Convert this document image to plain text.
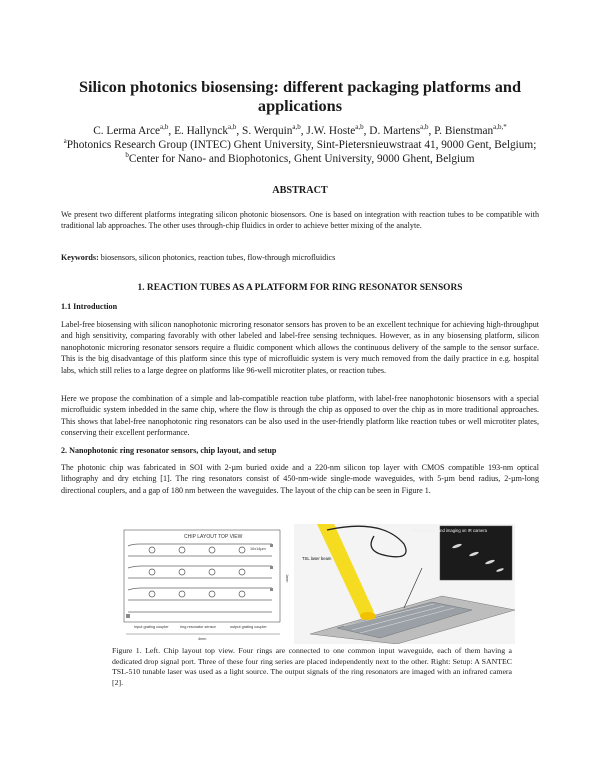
Silicon photonics biosensing: different packaging platforms and applications

C. Lerma Arce$^{a,b}$, E. Hallynck$^{a,b}$, S. Werquin$^{a,b}$, J.W. Hoste$^{a,b}$, D. Martens$^{a,b}$, P. Bienstman$^{a,b,*}$
$^a$Photonics Research Group (INTEC) Ghent University, Sint-Pietersnieuwstraat 41, 9000 Gent, Belgium; $^b$Center for Nano- and Biophotonics, Ghent University, 9000 Ghent, Belgium

ABSTRACT

We present two different platforms integrating silicon photonic biosensors. One is based on integration with reaction tubes to be compatible with traditional lab approaches. The other uses through-chip fluidics in order to achieve better mixing of the analyte.

Keywords: biosensors, silicon photonics, reaction tubes, flow-through microfluidics

1. REACTION TUBES AS A PLATFORM FOR RING RESONATOR SENSORS
1.1 Introduction

Label-free biosensing with silicon nanophotonic microring resonator sensors has proven to be an excellent technique for achieving high-throughput and high sensitivity, comparing favorably with other labeled and label-free sensing techniques. However, as in any biosensing platform, silicon nanophotonic microring resonator sensors require a fluidic component which allows the continuous delivery of the sample to the sensor surface. This is the big disadvantage of this platform since this type of microfluidic system is very much removed from the daily practice in e.g. hospital labs, which still relies to a large degree on platforms like 96-well microtiter plates, or reaction tubes.

Here we propose the combination of a simple and lab-compatible reaction tube platform, with label-free nanophotonic biosensors with a special microfluidic system inbedded in the same chip, where the flow is through the chip as opposed to over the chip as in more traditional approaches. This shows that label-free nanophotonic ring resonators can be also used in the user-friendly platform like reaction tubes or well microtiter plates, conserving their excellent performance.

2. Nanophotonic ring resonator sensors, chip layout, and setup

The photonic chip was fabricated in SOI with 2-µm buried oxide and a 220-nm silicon top layer with CMOS compatible 193-nm optical lithography and dry etching [1]. The ring resonators consist of 450-nm-wide single-mode waveguides, with 5-µm bend radius, 2-µm-long directional couplers, and a gap of 180 nm between the waveguides. The layout of the chip can be seen in Figure 1.

CHIP LAYOUT TOP VIEW
10x14µm
1mm
Input grating coupler	ring resonator sensor	output grating coupler
4mm
TSL laser beam
Magnification and imaging on IR camera

Figure 1. Left. Chip layout top view. Four rings are connected to one common input waveguide, each of them having a dedicated drop signal port. Three of these four ring series are placed independently next to the other. Right: Setup: A SANTEC TSL-510 tunable laser was used as a light source. The output signals of the ring resonators are imaged with an infrared camera [2].
